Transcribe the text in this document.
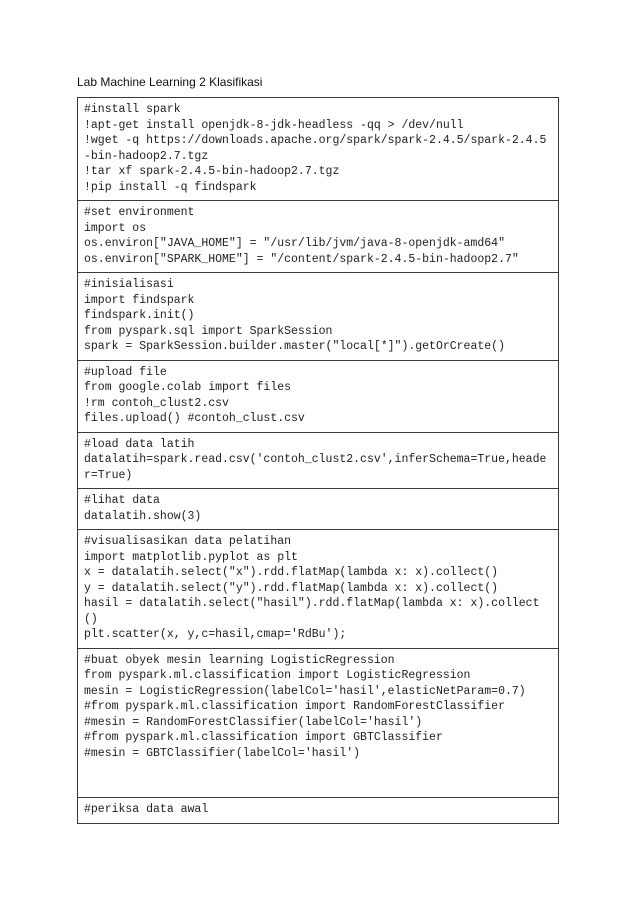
Lab Machine Learning 2 Klasifikasi
#install spark
!apt-get install openjdk-8-jdk-headless -qq > /dev/null
!wget -q https://downloads.apache.org/spark/spark-2.4.5/spark-2.4.5-bin-hadoop2.7.tgz
!tar xf spark-2.4.5-bin-hadoop2.7.tgz
!pip install -q findspark

#set environment
import os
os.environ["JAVA_HOME"] = "/usr/lib/jvm/java-8-openjdk-amd64"
os.environ["SPARK_HOME"] = "/content/spark-2.4.5-bin-hadoop2.7"

#inisialisasi
import findspark
findspark.init()
from pyspark.sql import SparkSession
spark = SparkSession.builder.master("local[*]").getOrCreate()

#upload file
from google.colab import files
!rm contoh_clust2.csv
files.upload() #contoh_clust.csv

#load data latih
datalatih=spark.read.csv('contoh_clust2.csv',inferSchema=True,header=True)

#lihat data
datalatih.show(3)

#visualisasikan data pelatihan
import matplotlib.pyplot as plt
x = datalatih.select("x").rdd.flatMap(lambda x: x).collect()
y = datalatih.select("y").rdd.flatMap(lambda x: x).collect()
hasil = datalatih.select("hasil").rdd.flatMap(lambda x: x).collect()
plt.scatter(x, y,c=hasil,cmap='RdBu');

#buat obyek mesin learning LogisticRegression
from pyspark.ml.classification import LogisticRegression
mesin = LogisticRegression(labelCol='hasil',elasticNetParam=0.7)
#from pyspark.ml.classification import RandomForestClassifier
#mesin = RandomForestClassifier(labelCol='hasil')
#from pyspark.ml.classification import GBTClassifier
#mesin = GBTClassifier(labelCol='hasil')

#periksa data awal
